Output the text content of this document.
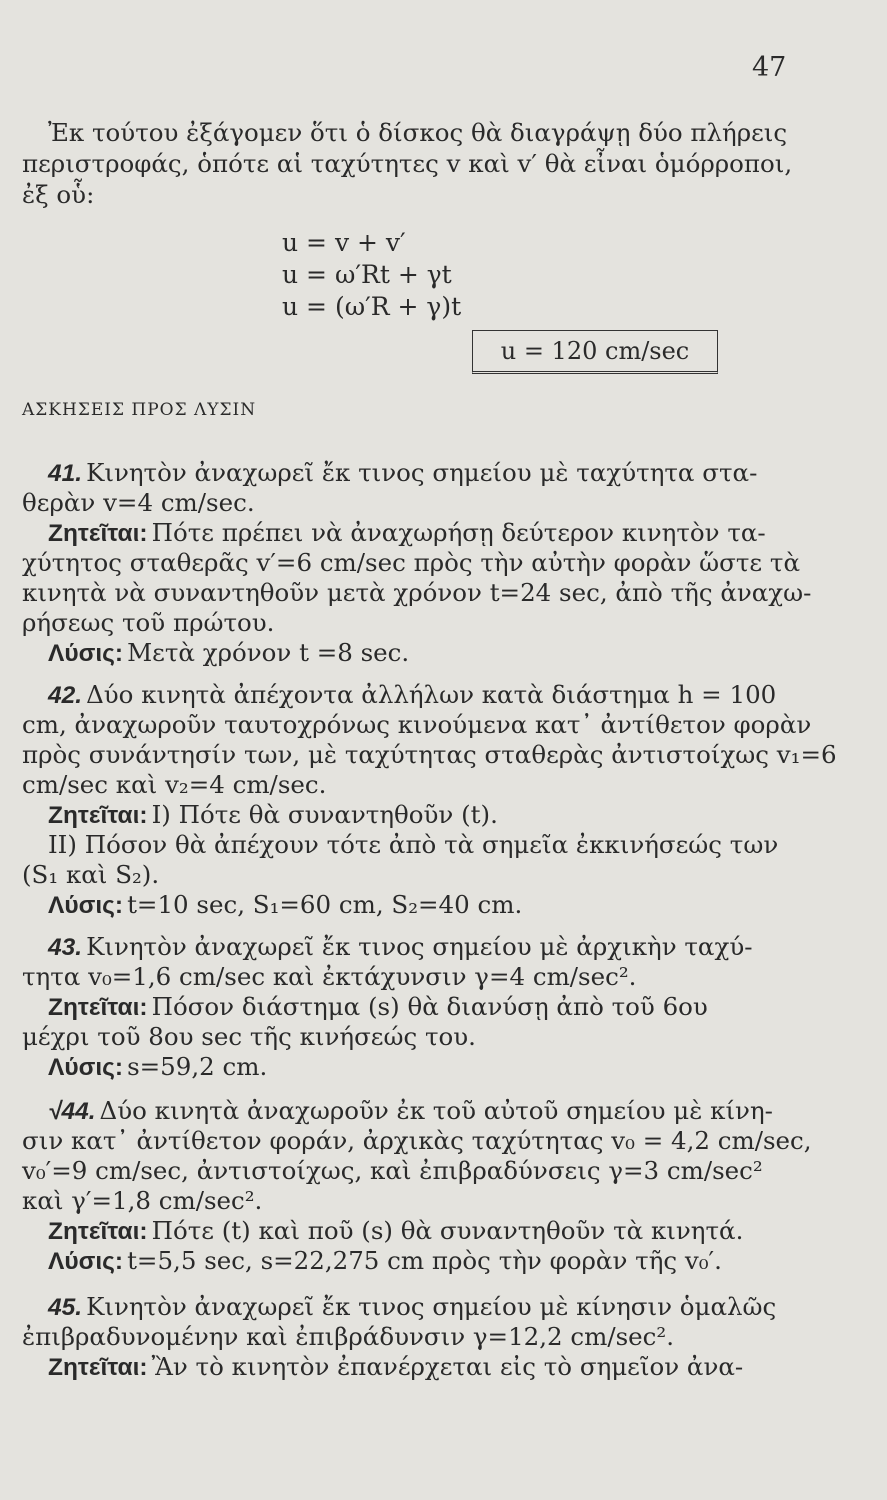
47
Ἐκ τούτου ἐξάγομεν ὅτι ὁ δίσκος θὰ διαγράψῃ δύο πλήρεις
περιστροφάς, ὁπότε αἱ ταχύτητες v καὶ v′ θὰ εἶναι ὁμόρροποι,
ἐξ οὗ:
u = v + v′
u = ω′Rt + γt
u = (ω′R + γ)t
u = 120 cm/sec
ΑΣΚΗΣΕΙΣ ΠΡΟΣ ΛΥΣΙΝ
41. Κινητὸν ἀναχωρεῖ ἔκ τινος σημείου μὲ ταχύτητα στα-
θερὰν v=4 cm/sec.
Ζητεῖται: Πότε πρέπει νὰ ἀναχωρήσῃ δεύτερον κινητὸν τα-
χύτητος σταθερᾶς v′=6 cm/sec πρὸς τὴν αὐτὴν φορὰν ὥστε τὰ
κινητὰ νὰ συναντηθοῦν μετὰ χρόνον t=24 sec, ἀπὸ τῆς ἀναχω-
ρήσεως τοῦ πρώτου.
Λύσις: Μετὰ χρόνον t =8 sec.
42. Δύο κινητὰ ἀπέχοντα ἀλλήλων κατὰ διάστημα h = 100
cm, ἀναχωροῦν ταυτοχρόνως κινούμενα κατ᾽ ἀντίθετον φορὰν
πρὸς συνάντησίν των, μὲ ταχύτητας σταθερὰς ἀντιστοίχως v₁=6
cm/sec καὶ v₂=4 cm/sec.
Ζητεῖται: I) Πότε θὰ συναντηθοῦν (t).
II) Πόσον θὰ ἀπέχουν τότε ἀπὸ τὰ σημεῖα ἐκκινήσεώς των
(S₁ καὶ S₂).
Λύσις: t=10 sec, S₁=60 cm, S₂=40 cm.
43. Κινητὸν ἀναχωρεῖ ἔκ τινος σημείου μὲ ἀρχικὴν ταχύ-
τητα v₀=1,6 cm/sec καὶ ἐκτάχυνσιν γ=4 cm/sec².
Ζητεῖται: Πόσον διάστημα (s) θὰ διανύσῃ ἀπὸ τοῦ 6ου
μέχρι τοῦ 8ου sec τῆς κινήσεώς του.
Λύσις: s=59,2 cm.
√44. Δύο κινητὰ ἀναχωροῦν ἐκ τοῦ αὐτοῦ σημείου μὲ κίνη-
σιν κατ᾽ ἀντίθετον φοράν, ἀρχικὰς ταχύτητας v₀ = 4,2 cm/sec,
v₀′=9 cm/sec, ἀντιστοίχως, καὶ ἐπιβραδύνσεις γ=3 cm/sec²
καὶ γ′=1,8 cm/sec².
Ζητεῖται: Πότε (t) καὶ ποῦ (s) θὰ συναντηθοῦν τὰ κινητά.
Λύσις: t=5,5 sec, s=22,275 cm πρὸς τὴν φορὰν τῆς v₀′.
45. Κινητὸν ἀναχωρεῖ ἔκ τινος σημείου μὲ κίνησιν ὁμαλῶς
ἐπιβραδυνομένην καὶ ἐπιβράδυνσιν γ=12,2 cm/sec².
Ζητεῖται: Ἂν τὸ κινητὸν ἐπανέρχεται εἰς τὸ σημεῖον ἀνα-
